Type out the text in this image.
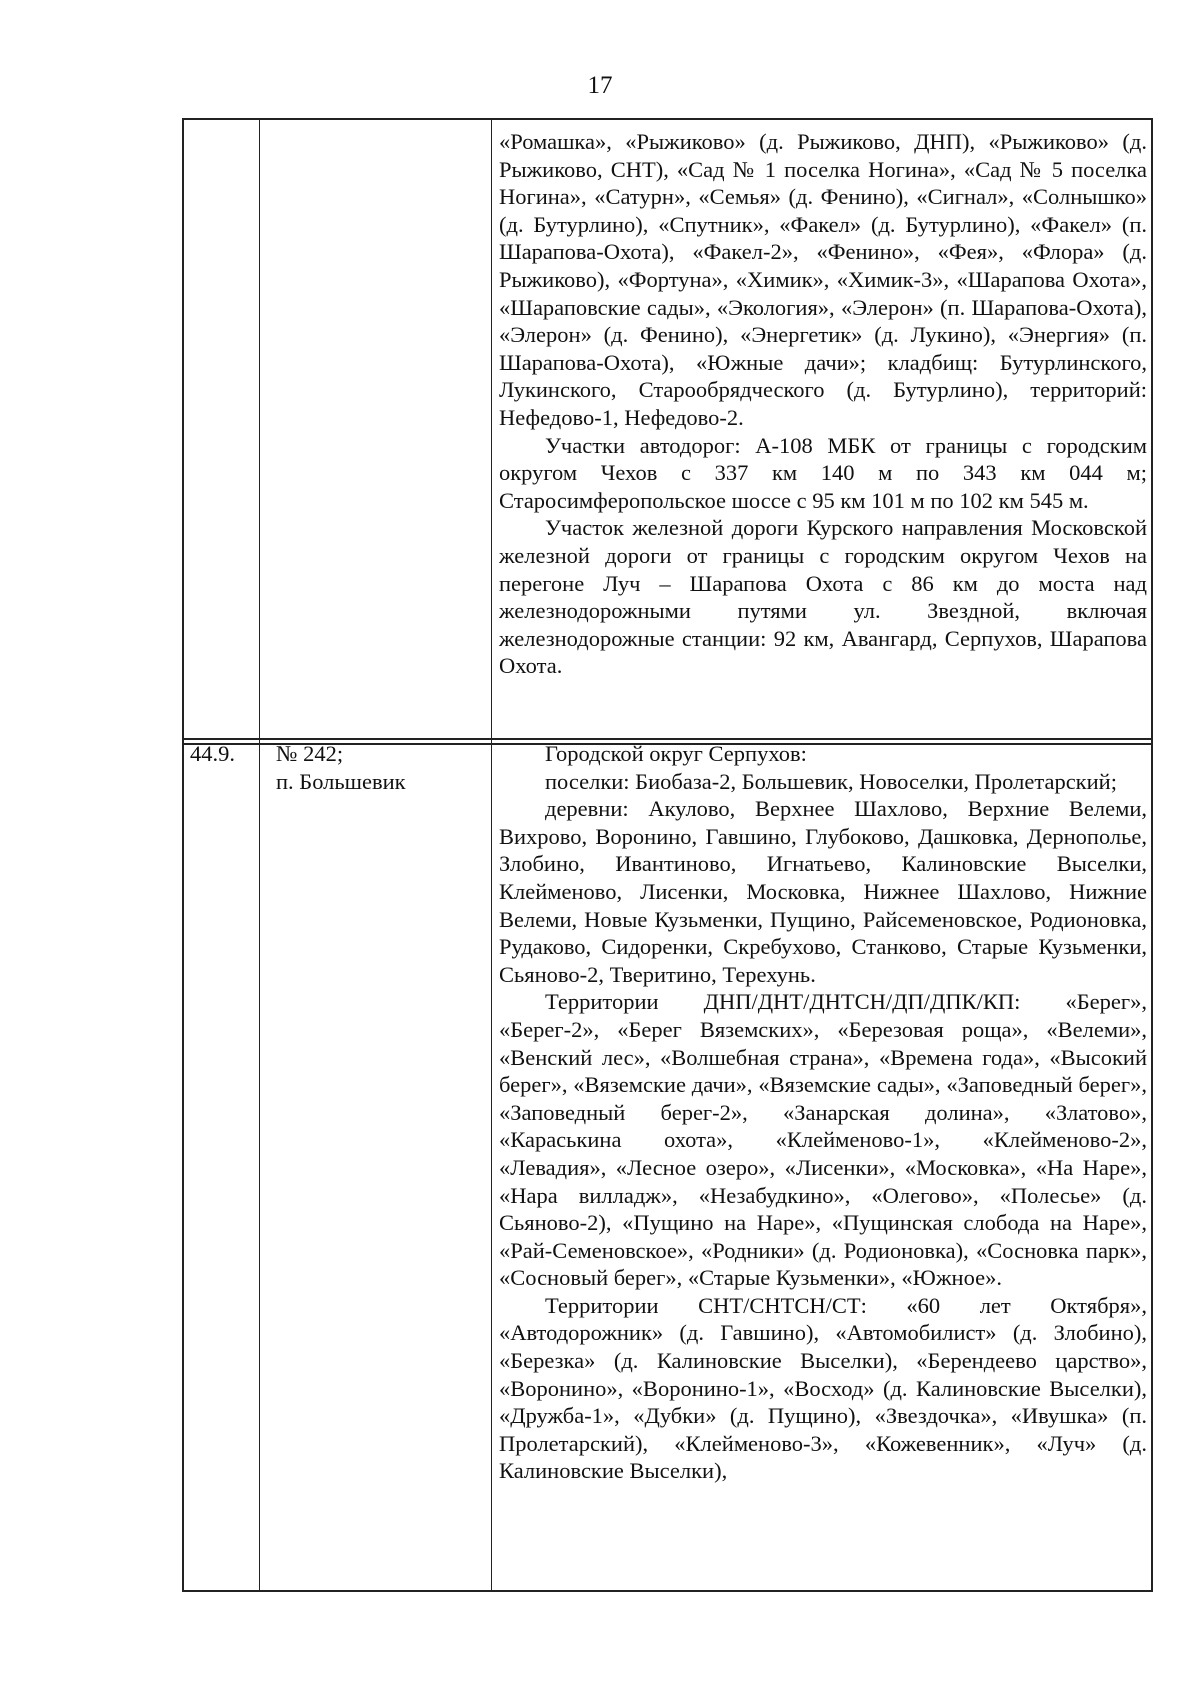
17

«Ромашка», «Рыжиково» (д. Рыжиково, ДНП), «Рыжиково» (д. Рыжиково, СНТ), «Сад № 1 поселка Ногина», «Сад № 5 поселка Ногина», «Сатурн», «Семья» (д. Фенино), «Сигнал», «Солнышко» (д. Бутурлино), «Спутник», «Факел» (д. Бутурлино), «Факел» (п. Шарапова-Охота), «Факел-2», «Фенино», «Фея», «Флора» (д. Рыжиково), «Фортуна», «Химик», «Химик-3», «Шарапова Охота», «Шараповские сады», «Экология», «Элерон» (п. Шарапова-Охота), «Элерон» (д. Фенино), «Энергетик» (д. Лукино), «Энергия» (п. Шарапова-Охота), «Южные дачи»; кладбищ: Бутурлинского, Лукинского, Старообрядческого (д. Бутурлино), территорий: Нефедово-1, Нефедово-2.

Участки автодорог: А-108 МБК от границы с городским округом Чехов с 337 км 140 м по 343 км 044 м; Старосимферопольское шоссе с 95 км 101 м по 102 км 545 м.

Участок железной дороги Курского направления Московской железной дороги от границы с городским округом Чехов на перегоне Луч – Шарапова Охота с 86 км до моста над железнодорожными путями ул. Звездной, включая железнодорожные станции: 92 км, Авангард, Серпухов, Шарапова Охота.

44.9.	№ 242;
п. Большевик

Городской округ Серпухов:

поселки: Биобаза-2, Большевик, Новоселки, Пролетарский;

деревни: Акулово, Верхнее Шахлово, Верхние Велеми, Вихрово, Воронино, Гавшино, Глубоково, Дашковка, Дернополье, Злобино, Ивантиново, Игнатьево, Калиновские Выселки, Клейменово, Лисенки, Московка, Нижнее Шахлово, Нижние Велеми, Новые Кузьменки, Пущино, Райсеменовское, Родионовка, Рудаково, Сидоренки, Скребухово, Станково, Старые Кузьменки, Сьяново-2, Тверитино, Терехунь.

Территории ДНП/ДНТ/ДНТСН/ДП/ДПК/КП: «Берег», «Берег-2», «Берег Вяземских», «Березовая роща», «Велеми», «Венский лес», «Волшебная страна», «Времена года», «Высокий берег», «Вяземские дачи», «Вяземские сады», «Заповедный берег», «Заповедный берег-2», «Занарская долина», «Златово», «Караськина охота», «Клейменово-1», «Клейменово-2», «Левадия», «Лесное озеро», «Лисенки», «Московка», «На Наре», «Нара вилладж», «Незабудкино», «Олегово», «Полесье» (д. Сьяново-2), «Пущино на Наре», «Пущинская слобода на Наре», «Рай-Семеновское», «Родники» (д. Родионовка), «Сосновка парк», «Сосновый берег», «Старые Кузьменки», «Южное».

Территории СНТ/СНТСН/СТ: «60 лет Октября», «Автодорожник» (д. Гавшино), «Автомобилист» (д. Злобино), «Березка» (д. Калиновские Выселки), «Берендеево царство», «Воронино», «Воронино-1», «Восход» (д. Калиновские Выселки), «Дружба-1», «Дубки» (д. Пущино), «Звездочка», «Ивушка» (п. Пролетарский), «Клейменово-3», «Кожевенник», «Луч» (д. Калиновские Выселки),
